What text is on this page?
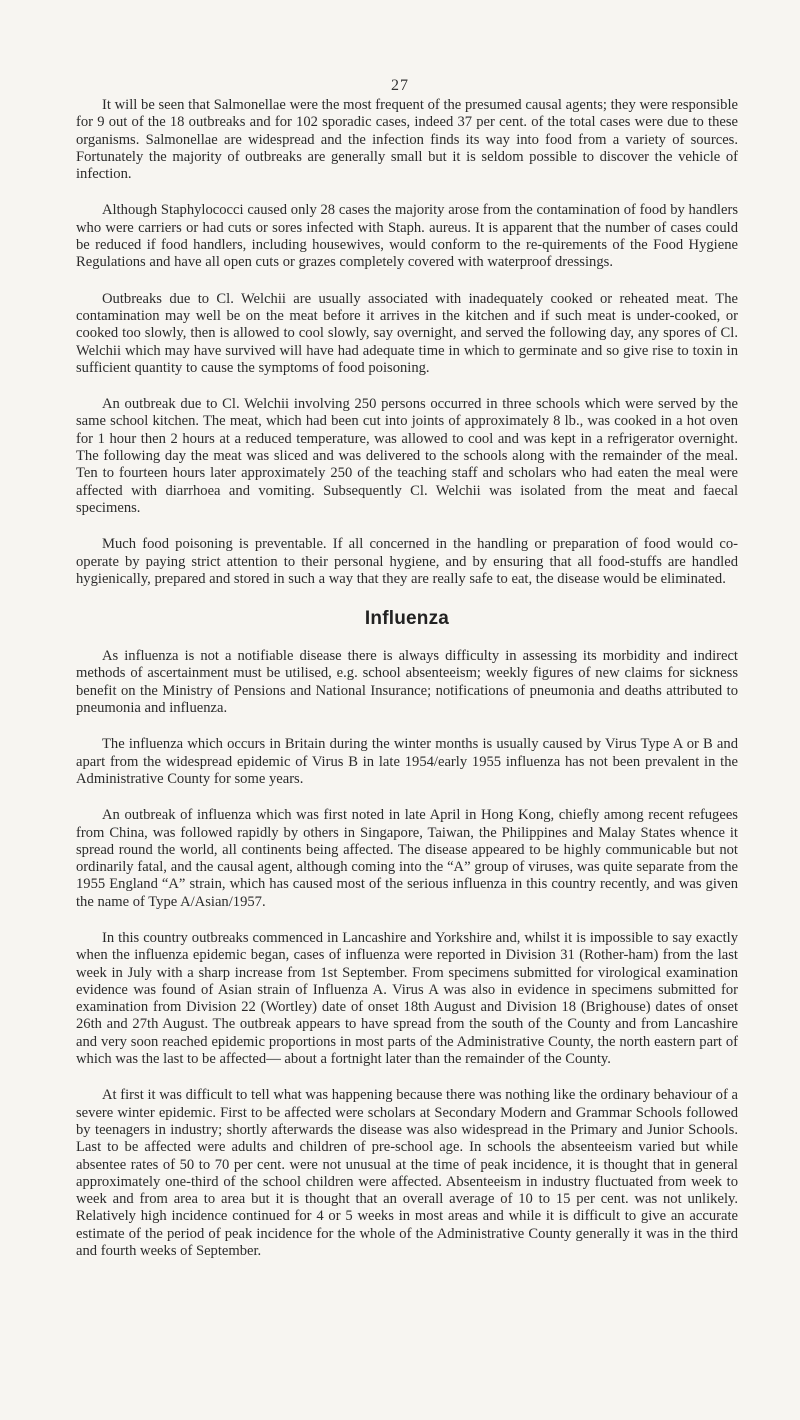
27

It will be seen that Salmonellae were the most frequent of the presumed causal agents; they were responsible for 9 out of the 18 outbreaks and for 102 sporadic cases, indeed 37 per cent. of the total cases were due to these organisms. Salmonellae are widespread and the infection finds its way into food from a variety of sources. Fortunately the majority of outbreaks are generally small but it is seldom possible to discover the vehicle of infection.

Although Staphylococci caused only 28 cases the majority arose from the contamination of food by handlers who were carriers or had cuts or sores infected with Staph. aureus. It is apparent that the number of cases could be reduced if food handlers, including housewives, would conform to the re-quirements of the Food Hygiene Regulations and have all open cuts or grazes completely covered with waterproof dressings.

Outbreaks due to Cl. Welchii are usually associated with inadequately cooked or reheated meat. The contamination may well be on the meat before it arrives in the kitchen and if such meat is under-cooked, or cooked too slowly, then is allowed to cool slowly, say overnight, and served the following day, any spores of Cl. Welchii which may have survived will have had adequate time in which to germinate and so give rise to toxin in sufficient quantity to cause the symptoms of food poisoning.

An outbreak due to Cl. Welchii involving 250 persons occurred in three schools which were served by the same school kitchen. The meat, which had been cut into joints of approximately 8 lb., was cooked in a hot oven for 1 hour then 2 hours at a reduced temperature, was allowed to cool and was kept in a refrigerator overnight. The following day the meat was sliced and was delivered to the schools along with the remainder of the meal. Ten to fourteen hours later approximately 250 of the teaching staff and scholars who had eaten the meal were affected with diarrhoea and vomiting. Subsequently Cl. Welchii was isolated from the meat and faecal specimens.

Much food poisoning is preventable. If all concerned in the handling or preparation of food would co-operate by paying strict attention to their personal hygiene, and by ensuring that all food-stuffs are handled hygienically, prepared and stored in such a way that they are really safe to eat, the disease would be eliminated.

Influenza

As influenza is not a notifiable disease there is always difficulty in assessing its morbidity and indirect methods of ascertainment must be utilised, e.g. school absenteeism; weekly figures of new claims for sickness benefit on the Ministry of Pensions and National Insurance; notifications of pneumonia and deaths attributed to pneumonia and influenza.

The influenza which occurs in Britain during the winter months is usually caused by Virus Type A or B and apart from the widespread epidemic of Virus B in late 1954/early 1955 influenza has not been prevalent in the Administrative County for some years.

An outbreak of influenza which was first noted in late April in Hong Kong, chiefly among recent refugees from China, was followed rapidly by others in Singapore, Taiwan, the Philippines and Malay States whence it spread round the world, all continents being affected. The disease appeared to be highly communicable but not ordinarily fatal, and the causal agent, although coming into the “A” group of viruses, was quite separate from the 1955 England “A” strain, which has caused most of the serious influenza in this country recently, and was given the name of Type A/Asian/1957.

In this country outbreaks commenced in Lancashire and Yorkshire and, whilst it is impossible to say exactly when the influenza epidemic began, cases of influenza were reported in Division 31 (Rother-ham) from the last week in July with a sharp increase from 1st September. From specimens submitted for virological examination evidence was found of Asian strain of Influenza A. Virus A was also in evidence in specimens submitted for examination from Division 22 (Wortley) date of onset 18th August and Division 18 (Brighouse) dates of onset 26th and 27th August. The outbreak appears to have spread from the south of the County and from Lancashire and very soon reached epidemic proportions in most parts of the Administrative County, the north eastern part of which was the last to be affected— about a fortnight later than the remainder of the County.

At first it was difficult to tell what was happening because there was nothing like the ordinary behaviour of a severe winter epidemic. First to be affected were scholars at Secondary Modern and Grammar Schools followed by teenagers in industry; shortly afterwards the disease was also widespread in the Primary and Junior Schools. Last to be affected were adults and children of pre-school age. In schools the absenteeism varied but while absentee rates of 50 to 70 per cent. were not unusual at the time of peak incidence, it is thought that in general approximately one-third of the school children were affected. Absenteeism in industry fluctuated from week to week and from area to area but it is thought that an overall average of 10 to 15 per cent. was not unlikely. Relatively high incidence continued for 4 or 5 weeks in most areas and while it is difficult to give an accurate estimate of the period of peak incidence for the whole of the Administrative County generally it was in the third and fourth weeks of September.
